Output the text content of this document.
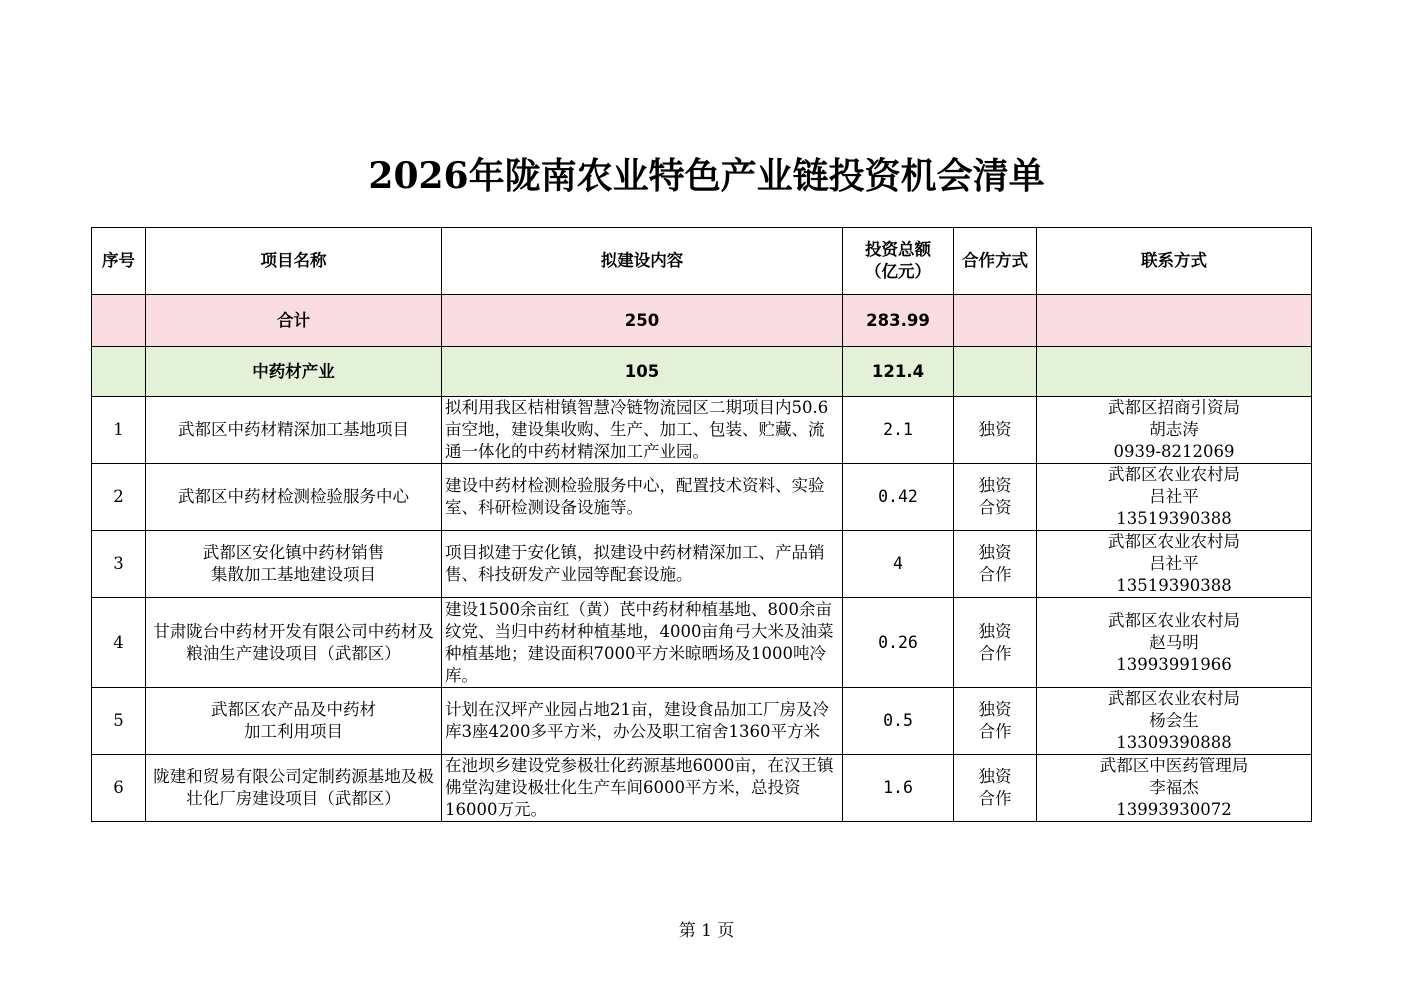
2026年陇南农业特色产业链投资机会清单
序号	项目名称	拟建设内容	投资总额
（亿元）	合作方式	联系方式
	合计	250	283.99		
	中药材产业	105	121.4		
1	武都区中药材精深加工基地项目	拟利用我区桔柑镇智慧冷链物流园区二期项目内50.6亩空地，建设集收购、生产、加工、包装、贮藏、流通一体化的中药材精深加工产业园。	2.1	独资	武都区招商引资局
胡志涛
0939-8212069

2	武都区中药材检测检验服务中心	建设中药材检测检验服务中心，配置技术资料、实验室、科研检测设备设施等。	0.42	独资
合资	武都区农业农村局
吕社平
13519390388

3	武都区安化镇中药材销售
集散加工基地建设项目	项目拟建于安化镇，拟建设中药材精深加工、产品销售、科技研发产业园等配套设施。	4	独资
合作	武都区农业农村局
吕社平
13519390388

4	甘肃陇台中药材开发有限公司中药材及粮油生产建设项目（武都区）	建设1500余亩红（黄）芪中药材种植基地、800余亩纹党、当归中药材种植基地，4000亩角弓大米及油菜种植基地；建设面积7000平方米晾晒场及1000吨冷库。	0.26	独资
合作	武都区农业农村局
赵马明
13993991966

5	武都区农产品及中药材
加工利用项目	计划在汉坪产业园占地21亩，建设食品加工厂房及冷库3座4200多平方米，办公及职工宿舍1360平方米	0.5	独资
合作	武都区农业农村局
杨会生
13309390888

6	陇建和贸易有限公司定制药源基地及极壮化厂房建设项目（武都区）	在池坝乡建设党参极壮化药源基地6000亩，在汉王镇佛堂沟建设极壮化生产车间6000平方米，总投资16000万元。	1.6	独资
合作	武都区中医药管理局
李福杰
13993930072
第 1 页
